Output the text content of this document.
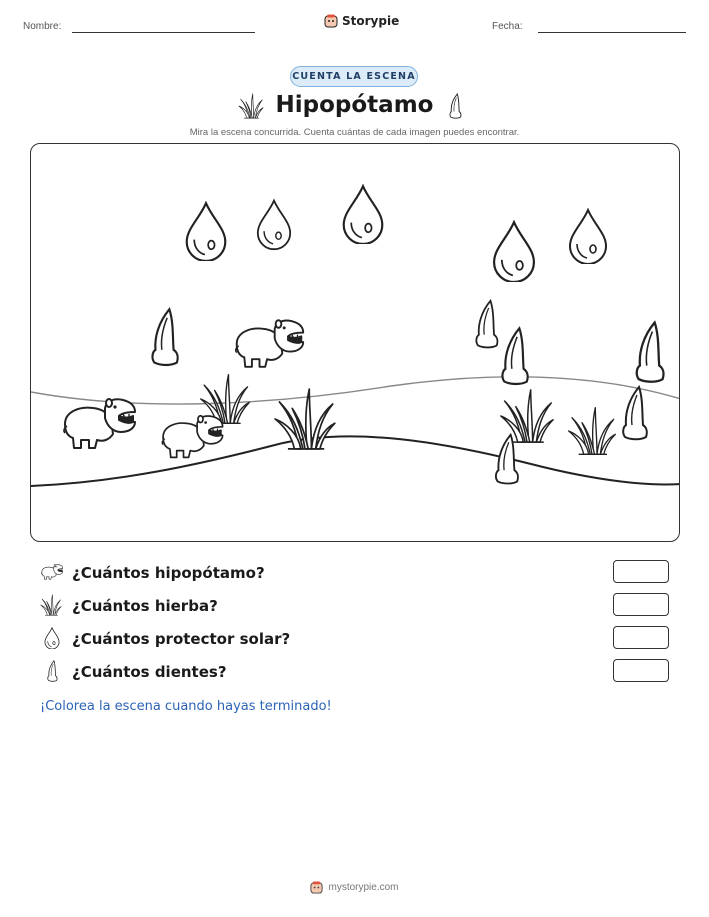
Nombre:	Storypie	Fecha:
CUENTA LA ESCENA
Hipopótamo
Mira la escena concurrida. Cuenta cuántas de cada imagen puedes encontrar.
¿Cuántos hipopótamo?
¿Cuántos hierba?
¿Cuántos protector solar?
¿Cuántos dientes?
¡Colorea la escena cuando hayas terminado!
mystorypie.com
